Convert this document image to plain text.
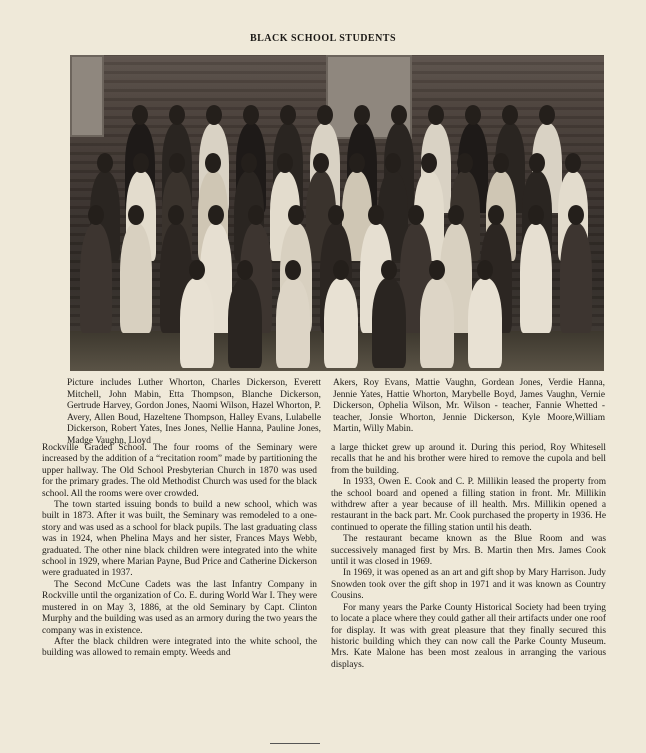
BLACK SCHOOL STUDENTS
Picture includes Luther Whorton, Charles Dickerson, Everett Mitchell, John Mabin, Etta Thompson, Blanche Dickerson, Gertrude Harvey, Gordon Jones, Naomi Wilson, Hazel Whorton, P. Avery, Allen Boud, Hazeltene Thompson, Halley Evans, Lulabelle Dickerson, Robert Yates, Ines Jones, Nellie Hanna, Pauline Jones, Madge Vaughn, Lloyd
Akers, Roy Evans, Mattie Vaughn, Gordean Jones, Verdie Hanna, Jennie Yates, Hattie Whorton, Marybelle Boyd, James Vaughn, Vernie Dickerson, Ophelia Wilson, Mr. Wilson - teacher, Fannie Whetted - teacher, Jonsie Whorton, Jennie Dickerson, Kyle Moore,William Martin, Willy Mabin.

Rockville Graded School. The four rooms of the Seminary were increased by the addition of a “recitation room” made by partitioning the upper hallway. The Old School Presbyterian Church in 1870 was used for the primary grades. The old Methodist Church was used for the black school. All the rooms were over crowded.

The town started issuing bonds to build a new school, which was built in 1873. After it was built, the Seminary was remodeled to a one-story and was used as a school for black pupils. The last graduating class was in 1924, when Phelina Mays and her sister, Frances Mays Webb, graduated. The other nine black children were integrated into the white school in 1929, where Marian Payne, Bud Price and Catherine Dickerson were graduated in 1937.

The Second McCune Cadets was the last Infantry Company in Rockville until the organization of Co. E. during World War I. They were mustered in on May 3, 1886, at the old Seminary by Capt. Clinton Murphy and the building was used as an armory during the two years the company was in existence.

After the black children were integrated into the white school, the building was allowed to remain empty. Weeds and

a large thicket grew up around it. During this period, Roy Whitesell recalls that he and his brother were hired to remove the cupola and bell from the building.

In 1933, Owen E. Cook and C. P. Millikin leased the property from the school board and opened a filling station in front. Mr. Millikin withdrew after a year because of ill health. Mrs. Millikin opened a restaurant in the back part. Mr. Cook purchased the property in 1936. He continued to operate the filling station until his death.

The restaurant became known as the Blue Room and was successively managed first by Mrs. B. Martin then Mrs. James Cook until it was closed in 1969.

In 1969, it was opened as an art and gift shop by Mary Harrison. Judy Snowden took over the gift shop in 1971 and it was known as Country Cousins.

For many years the Parke County Historical Society had been trying to locate a place where they could gather all their artifacts under one roof for display. It was with great pleasure that they finally secured this historic building which they can now call the Parke County Museum. Mrs. Kate Malone has been most zealous in arranging the various displays.
